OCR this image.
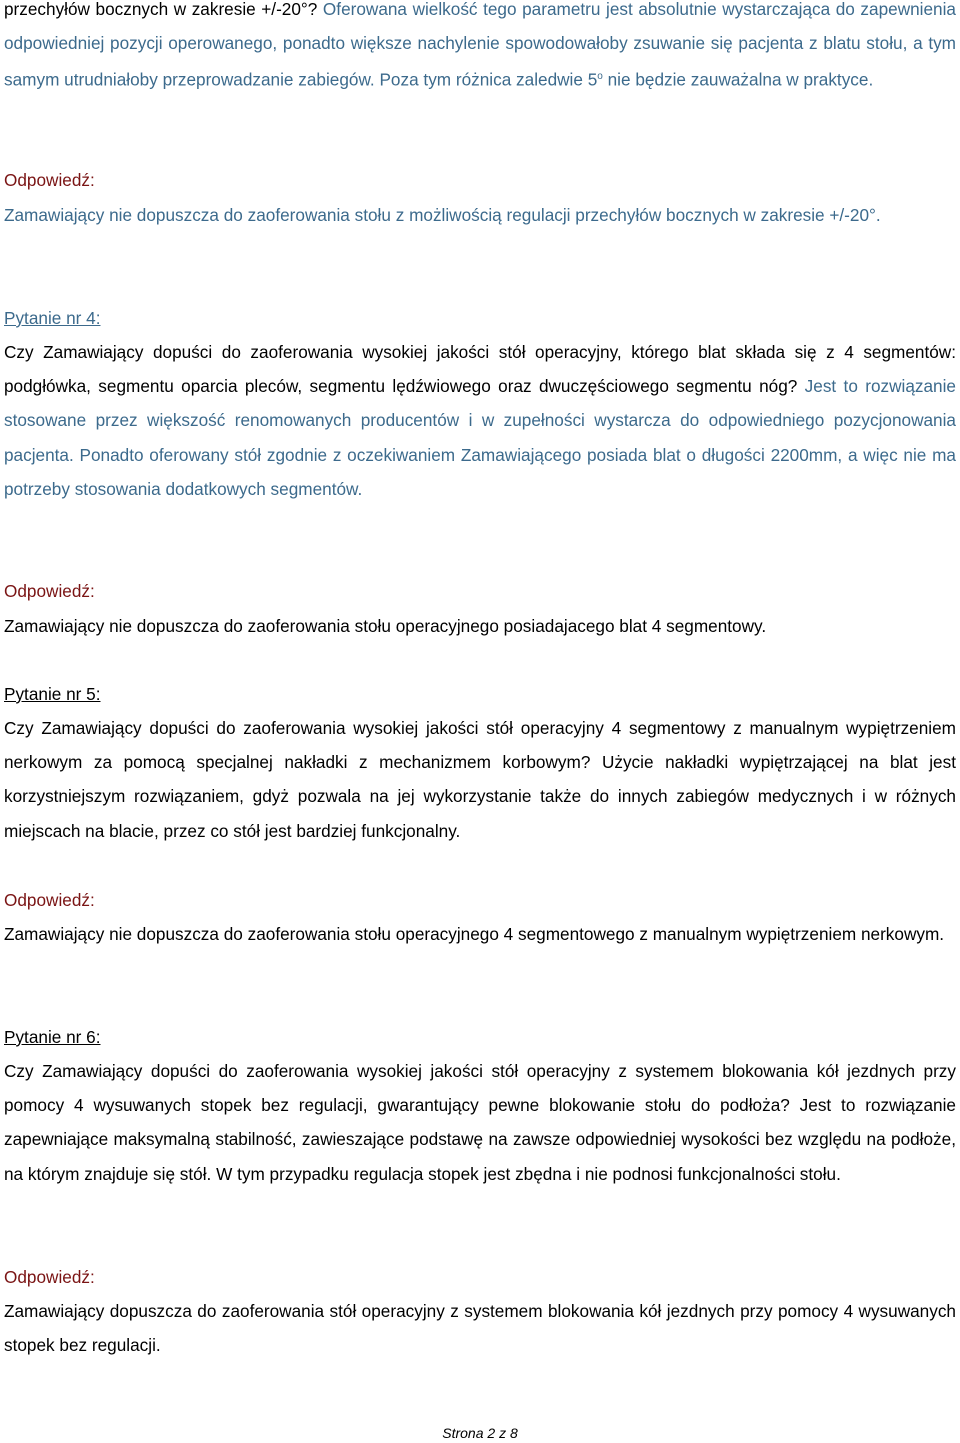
przechyłów bocznych w zakresie +/-20°? Oferowana wielkość tego parametru jest absolutnie wystarczająca do zapewnienia odpowiedniej pozycji operowanego, ponadto większe nachylenie spowodowałoby zsuwanie się pacjenta z blatu stołu, a tym samym utrudniałoby przeprowadzanie zabiegów. Poza tym różnica zaledwie 5$^o$ nie będzie zauważalna w praktyce.

Odpowiedź:

Zamawiający nie dopuszcza do zaoferowania stołu z możliwością regulacji przechyłów bocznych w zakresie +/-20°.

Pytanie nr 4:

Czy Zamawiający dopuści do zaoferowania wysokiej jakości stół operacyjny, którego blat składa się z 4 segmentów: podgłówka, segmentu oparcia pleców, segmentu lędźwiowego oraz dwuczęściowego segmentu nóg? Jest to rozwiązanie stosowane przez większość renomowanych producentów i w zupełności wystarcza do odpowiedniego pozycjonowania pacjenta. Ponadto oferowany stół zgodnie z oczekiwaniem Zamawiającego posiada blat o długości 2200mm, a więc nie ma potrzeby stosowania dodatkowych segmentów.

Odpowiedź:

Zamawiający nie dopuszcza do zaoferowania stołu operacyjnego posiadajacego blat 4 segmentowy.

Pytanie nr 5:

Czy Zamawiający dopuści do zaoferowania wysokiej jakości stół operacyjny 4 segmentowy z manualnym wypiętrzeniem nerkowym za pomocą specjalnej nakładki z mechanizmem korbowym? Użycie nakładki wypiętrzającej na blat jest korzystniejszym rozwiązaniem, gdyż pozwala na jej wykorzystanie także do innych zabiegów medycznych i w różnych miejscach na blacie, przez co stół jest bardziej funkcjonalny.

Odpowiedź:

Zamawiający nie dopuszcza do zaoferowania stołu operacyjnego 4 segmentowego z manualnym wypiętrzeniem nerkowym.

Pytanie nr 6:

Czy Zamawiający dopuści do zaoferowania wysokiej jakości stół operacyjny z systemem blokowania kół jezdnych przy pomocy 4 wysuwanych stopek bez regulacji, gwarantujący pewne blokowanie stołu do podłoża? Jest to rozwiązanie zapewniające maksymalną stabilność, zawieszające podstawę na zawsze odpowiedniej wysokości bez względu na podłoże, na którym znajduje się stół. W tym przypadku regulacja stopek jest zbędna i nie podnosi funkcjonalności stołu.

Odpowiedź:

Zamawiający dopuszcza do zaoferowania stół operacyjny z systemem blokowania kół jezdnych przy pomocy 4 wysuwanych stopek bez regulacji.

Strona 2 z 8
